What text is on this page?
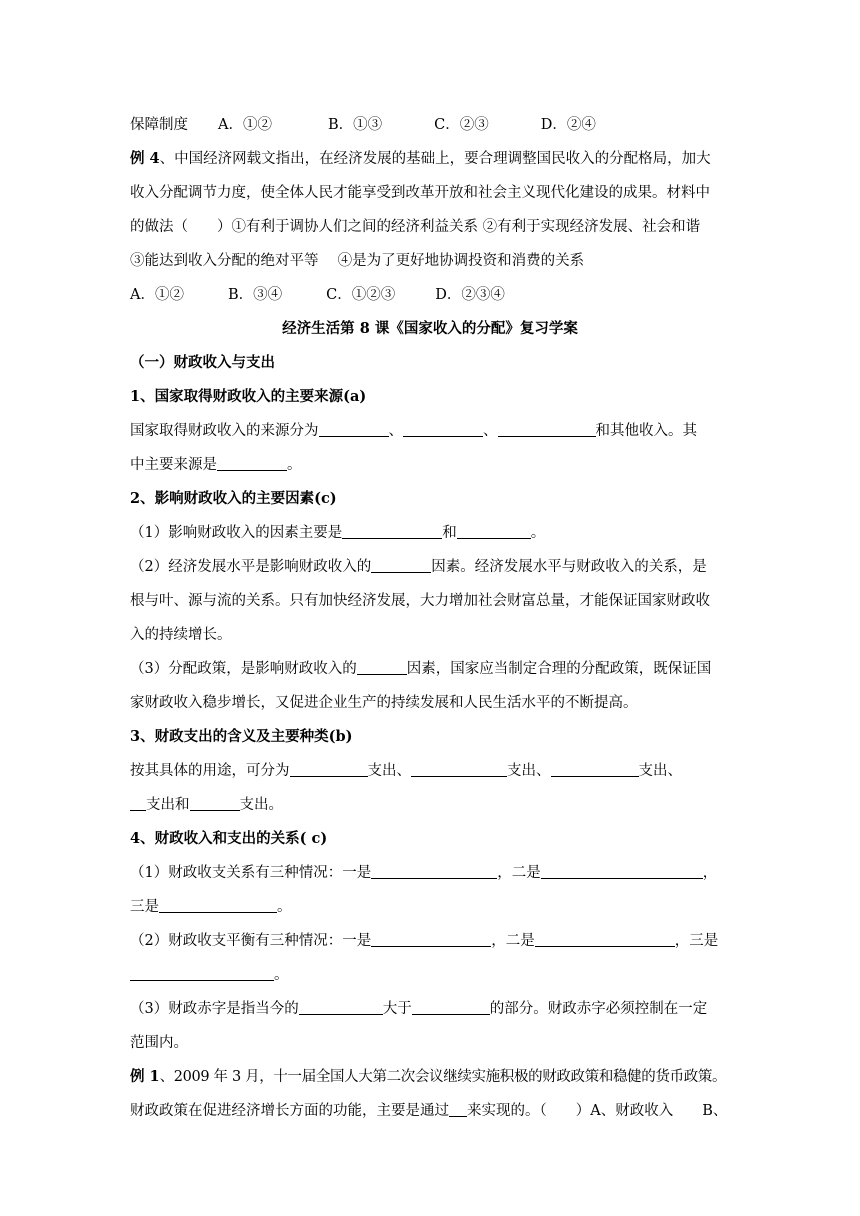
保障制度 A．①②	B．①③	C．②③	D．②④

例 4、中国经济网载文指出，在经济发展的基础上，要合理调整国民收入的分配格局，加大

收入分配调节力度，使全体人民才能享受到改革开放和社会主义现代化建设的成果。材料中

的做法（　　）①有利于调协人们之间的经济利益关系 ②有利于实现经济发展、社会和谐

③能达到收入分配的绝对平等　 ④是为了更好地协调投资和消费的关系

A．①②	B．③④	C．①②③	D．②③④

经济生活第 8 课《国家收入的分配》复习学案

（一）财政收入与支出

1、国家取得财政收入的主要来源(a)

国家取得财政收入的来源分为	、	、	和其他收入。其

中主要来源是	。

2、影响财政收入的主要因素(c)

（1）影响财政收入的因素主要是	和	。

（2）经济发展水平是影响财政收入的	因素。经济发展水平与财政收入的关系，是

根与叶、源与流的关系。只有加快经济发展，大力增加社会财富总量，才能保证国家财政收

入的持续增长。

（3）分配政策，是影响财政收入的	因素，国家应当制定合理的分配政策，既保证国

家财政收入稳步增长，又促进企业生产的持续发展和人民生活水平的不断提高。

3、财政支出的含义及主要种类(b)

按其具体的用途，可分为	支出、	支出、	支出、

支出和	支出。

4、财政收入和支出的关系( c)

（1）财政收支关系有三种情况：一是	，二是	，

三是	。

（2）财政收支平衡有三种情况：一是	，二是	，三是

。

（3）财政赤字是指当今的	大于	的部分。财政赤字必须控制在一定

范围内。

例 1、2009 年 3 月，十一届全国人大第二次会议继续实施积极的财政政策和稳健的货币政策。

财政政策在促进经济增长方面的功能，主要是通过 来实现的。（　　）A、财政收入　　B、
